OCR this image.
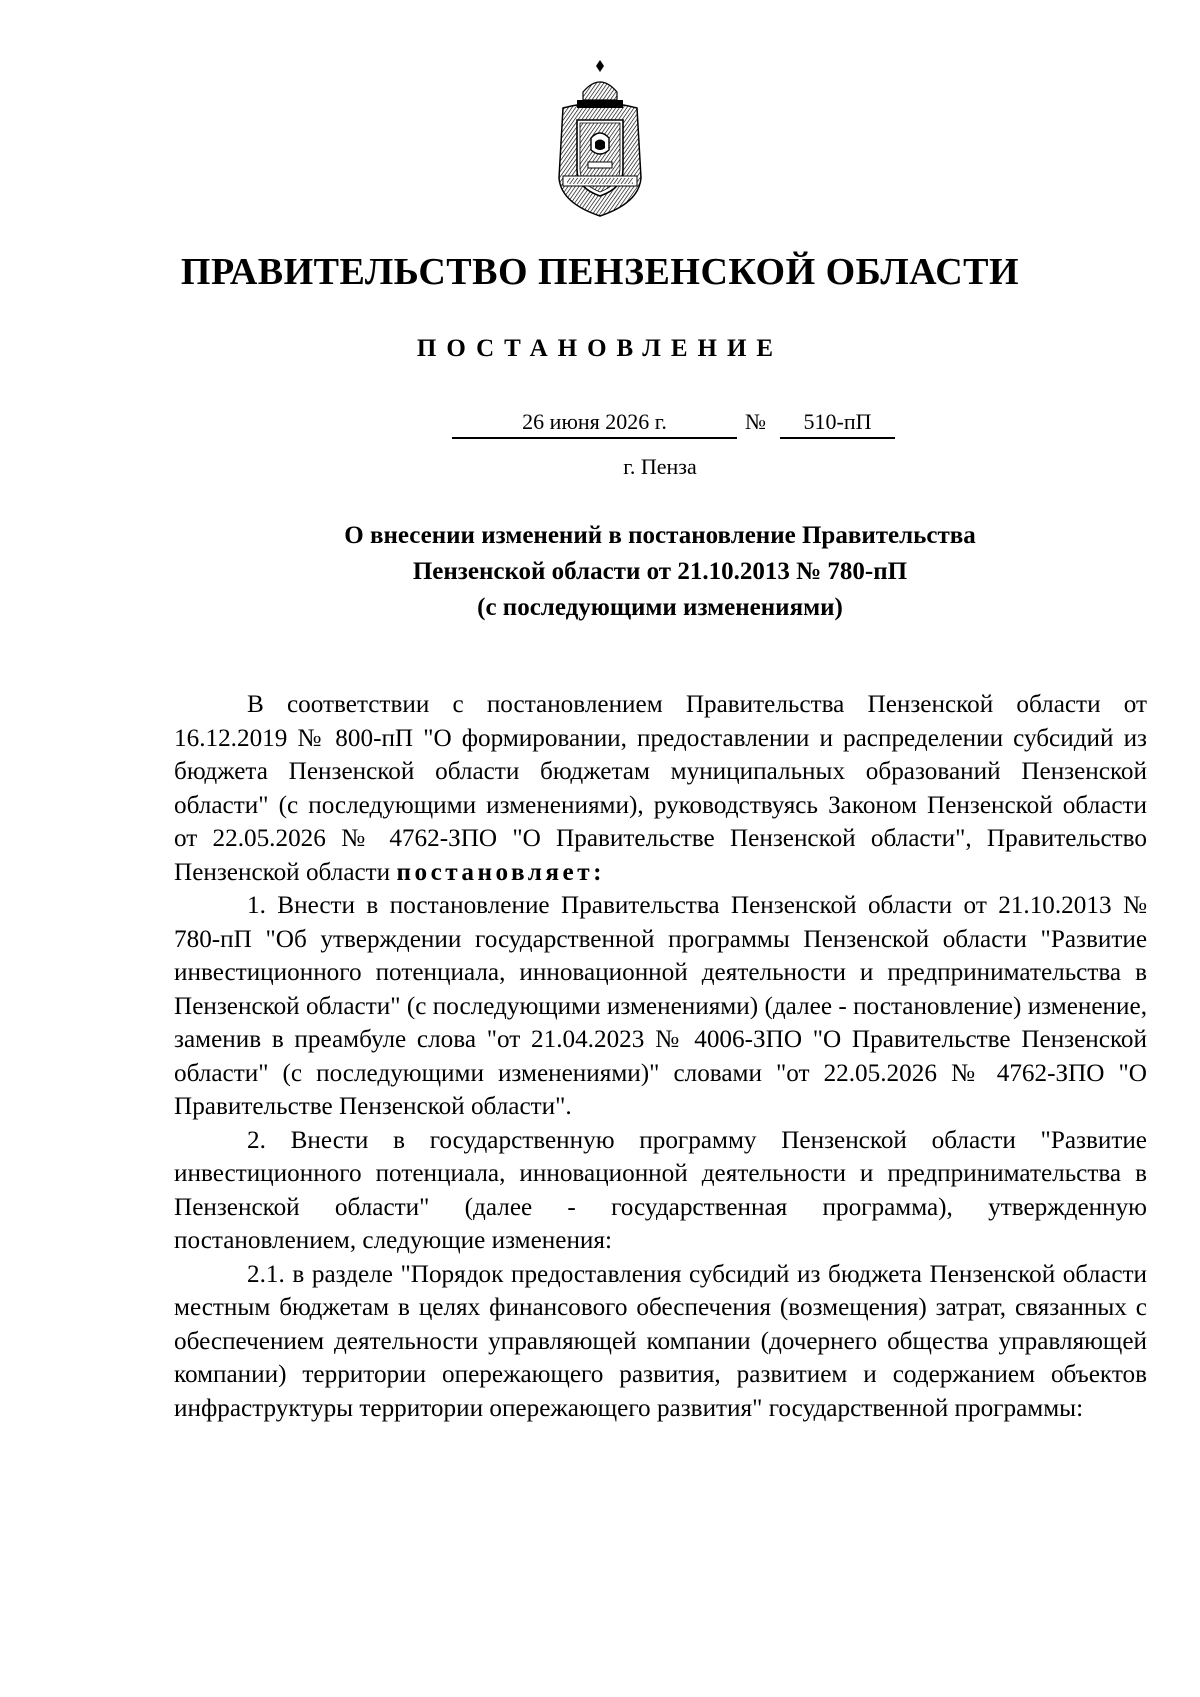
ПРАВИТЕЛЬСТВО ПЕНЗЕНСКОЙ ОБЛАСТИ
ПОСТАНОВЛЕНИЕ
26 июня 2026 г.	№	510-пП
г. Пенза
О внесении изменений в постановление Правительства
Пензенской области от 21.10.2013 № 780-пП
(с последующими изменениями)

В соответствии с постановлением Правительства Пензенской области от 16.12.2019 № 800-пП "О формировании, предоставлении и распределении субсидий из бюджета Пензенской области бюджетам муниципальных образований Пензенской области" (с последующими изменениями), руководствуясь Законом Пензенской области от 22.05.2026 № 4762-ЗПО "О Правительстве Пензенской области", Правительство Пензенской области постановляет:

1. Внести в постановление Правительства Пензенской области от 21.10.2013 № 780-пП "Об утверждении государственной программы Пензенской области "Развитие инвестиционного потенциала, инновационной деятельности и предпринимательства в Пензенской области" (с последующими изменениями) (далее - постановление) изменение, заменив в преамбуле слова "от 21.04.2023 № 4006-ЗПО "О Правительстве Пензенской области" (с последующими изменениями)" словами "от 22.05.2026 № 4762-ЗПО "О Правительстве Пензенской области".

2. Внести в государственную программу Пензенской области "Развитие инвестиционного потенциала, инновационной деятельности и предпринимательства в Пензенской области" (далее - государственная программа), утвержденную постановлением, следующие изменения:

2.1. в разделе "Порядок предоставления субсидий из бюджета Пензенской области местным бюджетам в целях финансового обеспечения (возмещения) затрат, связанных с обеспечением деятельности управляющей компании (дочернего общества управляющей компании) территории опережающего развития, развитием и содержанием объектов инфраструктуры территории опережающего развития" государственной программы:
